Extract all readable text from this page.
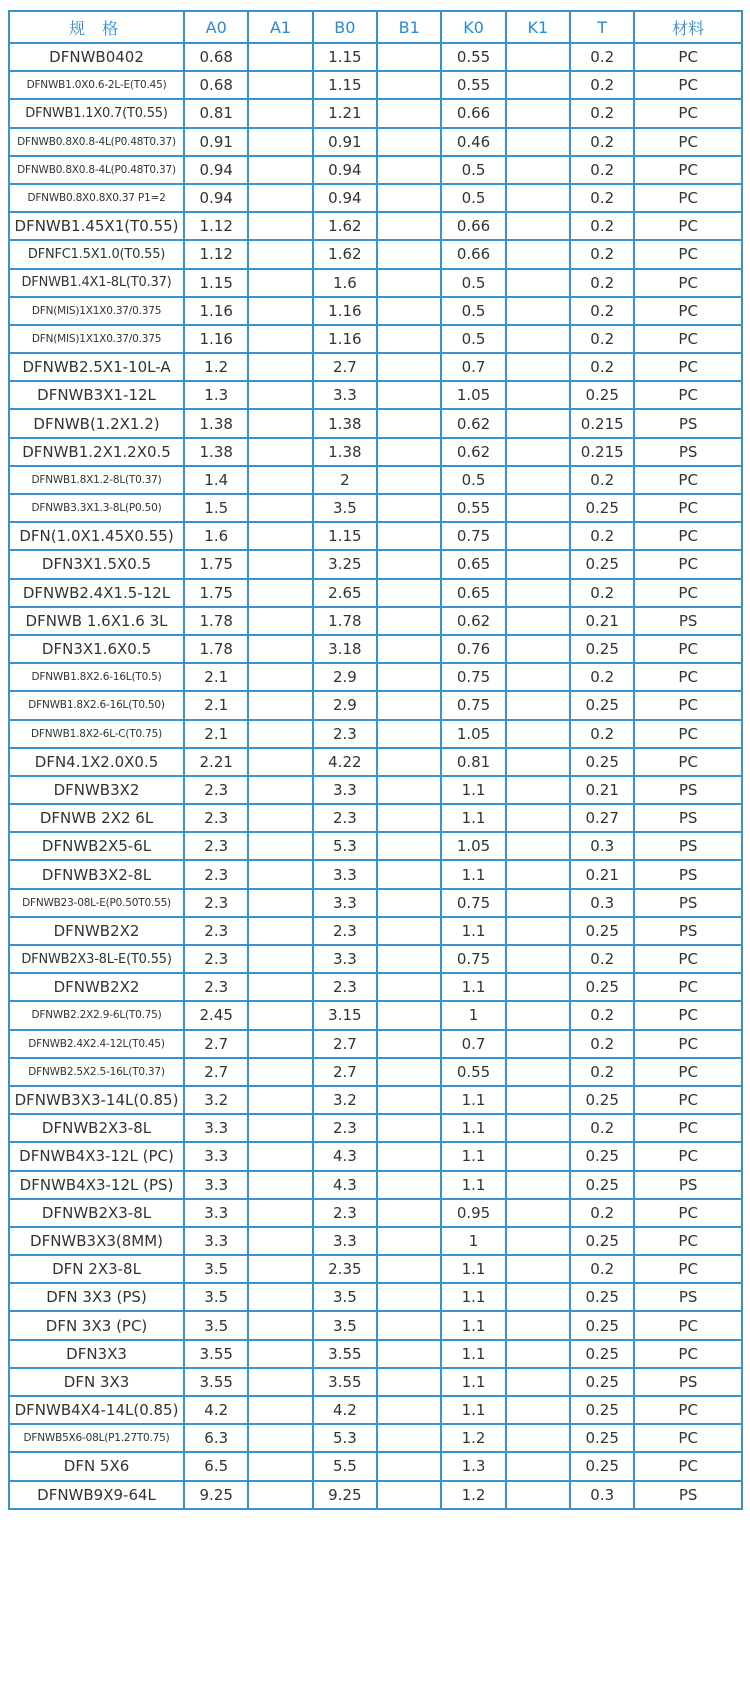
规 格	A0	A1	B0	B1	K0	K1	T	材料
DFNWB0402	0.68		1.15		0.55		0.2	PC
DFNWB1.0X0.6-2L-E(T0.45)	0.68		1.15		0.55		0.2	PC
DFNWB1.1X0.7(T0.55)	0.81		1.21		0.66		0.2	PC
DFNWB0.8X0.8-4L(P0.48T0.37)	0.91		0.91		0.46		0.2	PC
DFNWB0.8X0.8-4L(P0.48T0.37)	0.94		0.94		0.5		0.2	PC
DFNWB0.8X0.8X0.37 P1=2	0.94		0.94		0.5		0.2	PC
DFNWB1.45X1(T0.55)	1.12		1.62		0.66		0.2	PC
DFNFC1.5X1.0(T0.55)	1.12		1.62		0.66		0.2	PC
DFNWB1.4X1-8L(T0.37)	1.15		1.6		0.5		0.2	PC
DFN(MIS)1X1X0.37/0.375	1.16		1.16		0.5		0.2	PC
DFN(MIS)1X1X0.37/0.375	1.16		1.16		0.5		0.2	PC
DFNWB2.5X1-10L-A	1.2		2.7		0.7		0.2	PC
DFNWB3X1-12L	1.3		3.3		1.05		0.25	PC
DFNWB(1.2X1.2)	1.38		1.38		0.62		0.215	PS
DFNWB1.2X1.2X0.5	1.38		1.38		0.62		0.215	PS
DFNWB1.8X1.2-8L(T0.37)	1.4		2		0.5		0.2	PC
DFNWB3.3X1.3-8L(P0.50)	1.5		3.5		0.55		0.25	PC
DFN(1.0X1.45X0.55)	1.6		1.15		0.75		0.2	PC
DFN3X1.5X0.5	1.75		3.25		0.65		0.25	PC
DFNWB2.4X1.5-12L	1.75		2.65		0.65		0.2	PC
DFNWB 1.6X1.6 3L	1.78		1.78		0.62		0.21	PS
DFN3X1.6X0.5	1.78		3.18		0.76		0.25	PC
DFNWB1.8X2.6-16L(T0.5)	2.1		2.9		0.75		0.2	PC
DFNWB1.8X2.6-16L(T0.50)	2.1		2.9		0.75		0.25	PC
DFNWB1.8X2-6L-C(T0.75)	2.1		2.3		1.05		0.2	PC
DFN4.1X2.0X0.5	2.21		4.22		0.81		0.25	PC
DFNWB3X2	2.3		3.3		1.1		0.21	PS
DFNWB 2X2 6L	2.3		2.3		1.1		0.27	PS
DFNWB2X5-6L	2.3		5.3		1.05		0.3	PS
DFNWB3X2-8L	2.3		3.3		1.1		0.21	PS
DFNWB23-08L-E(P0.50T0.55)	2.3		3.3		0.75		0.3	PS
DFNWB2X2	2.3		2.3		1.1		0.25	PS
DFNWB2X3-8L-E(T0.55)	2.3		3.3		0.75		0.2	PC
DFNWB2X2	2.3		2.3		1.1		0.25	PC
DFNWB2.2X2.9-6L(T0.75)	2.45		3.15		1		0.2	PC
DFNWB2.4X2.4-12L(T0.45)	2.7		2.7		0.7		0.2	PC
DFNWB2.5X2.5-16L(T0.37)	2.7		2.7		0.55		0.2	PC
DFNWB3X3-14L(0.85)	3.2		3.2		1.1		0.25	PC
DFNWB2X3-8L	3.3		2.3		1.1		0.2	PC
DFNWB4X3-12L (PC)	3.3		4.3		1.1		0.25	PC
DFNWB4X3-12L (PS)	3.3		4.3		1.1		0.25	PS
DFNWB2X3-8L	3.3		2.3		0.95		0.2	PC
DFNWB3X3(8MM)	3.3		3.3		1		0.25	PC
DFN 2X3-8L	3.5		2.35		1.1		0.2	PC
DFN 3X3 (PS)	3.5		3.5		1.1		0.25	PS
DFN 3X3 (PC)	3.5		3.5		1.1		0.25	PC
DFN3X3	3.55		3.55		1.1		0.25	PC
DFN 3X3	3.55		3.55		1.1		0.25	PS
DFNWB4X4-14L(0.85)	4.2		4.2		1.1		0.25	PC
DFNWB5X6-08L(P1.27T0.75)	6.3		5.3		1.2		0.25	PC
DFN 5X6	6.5		5.5		1.3		0.25	PC
DFNWB9X9-64L	9.25		9.25		1.2		0.3	PS
